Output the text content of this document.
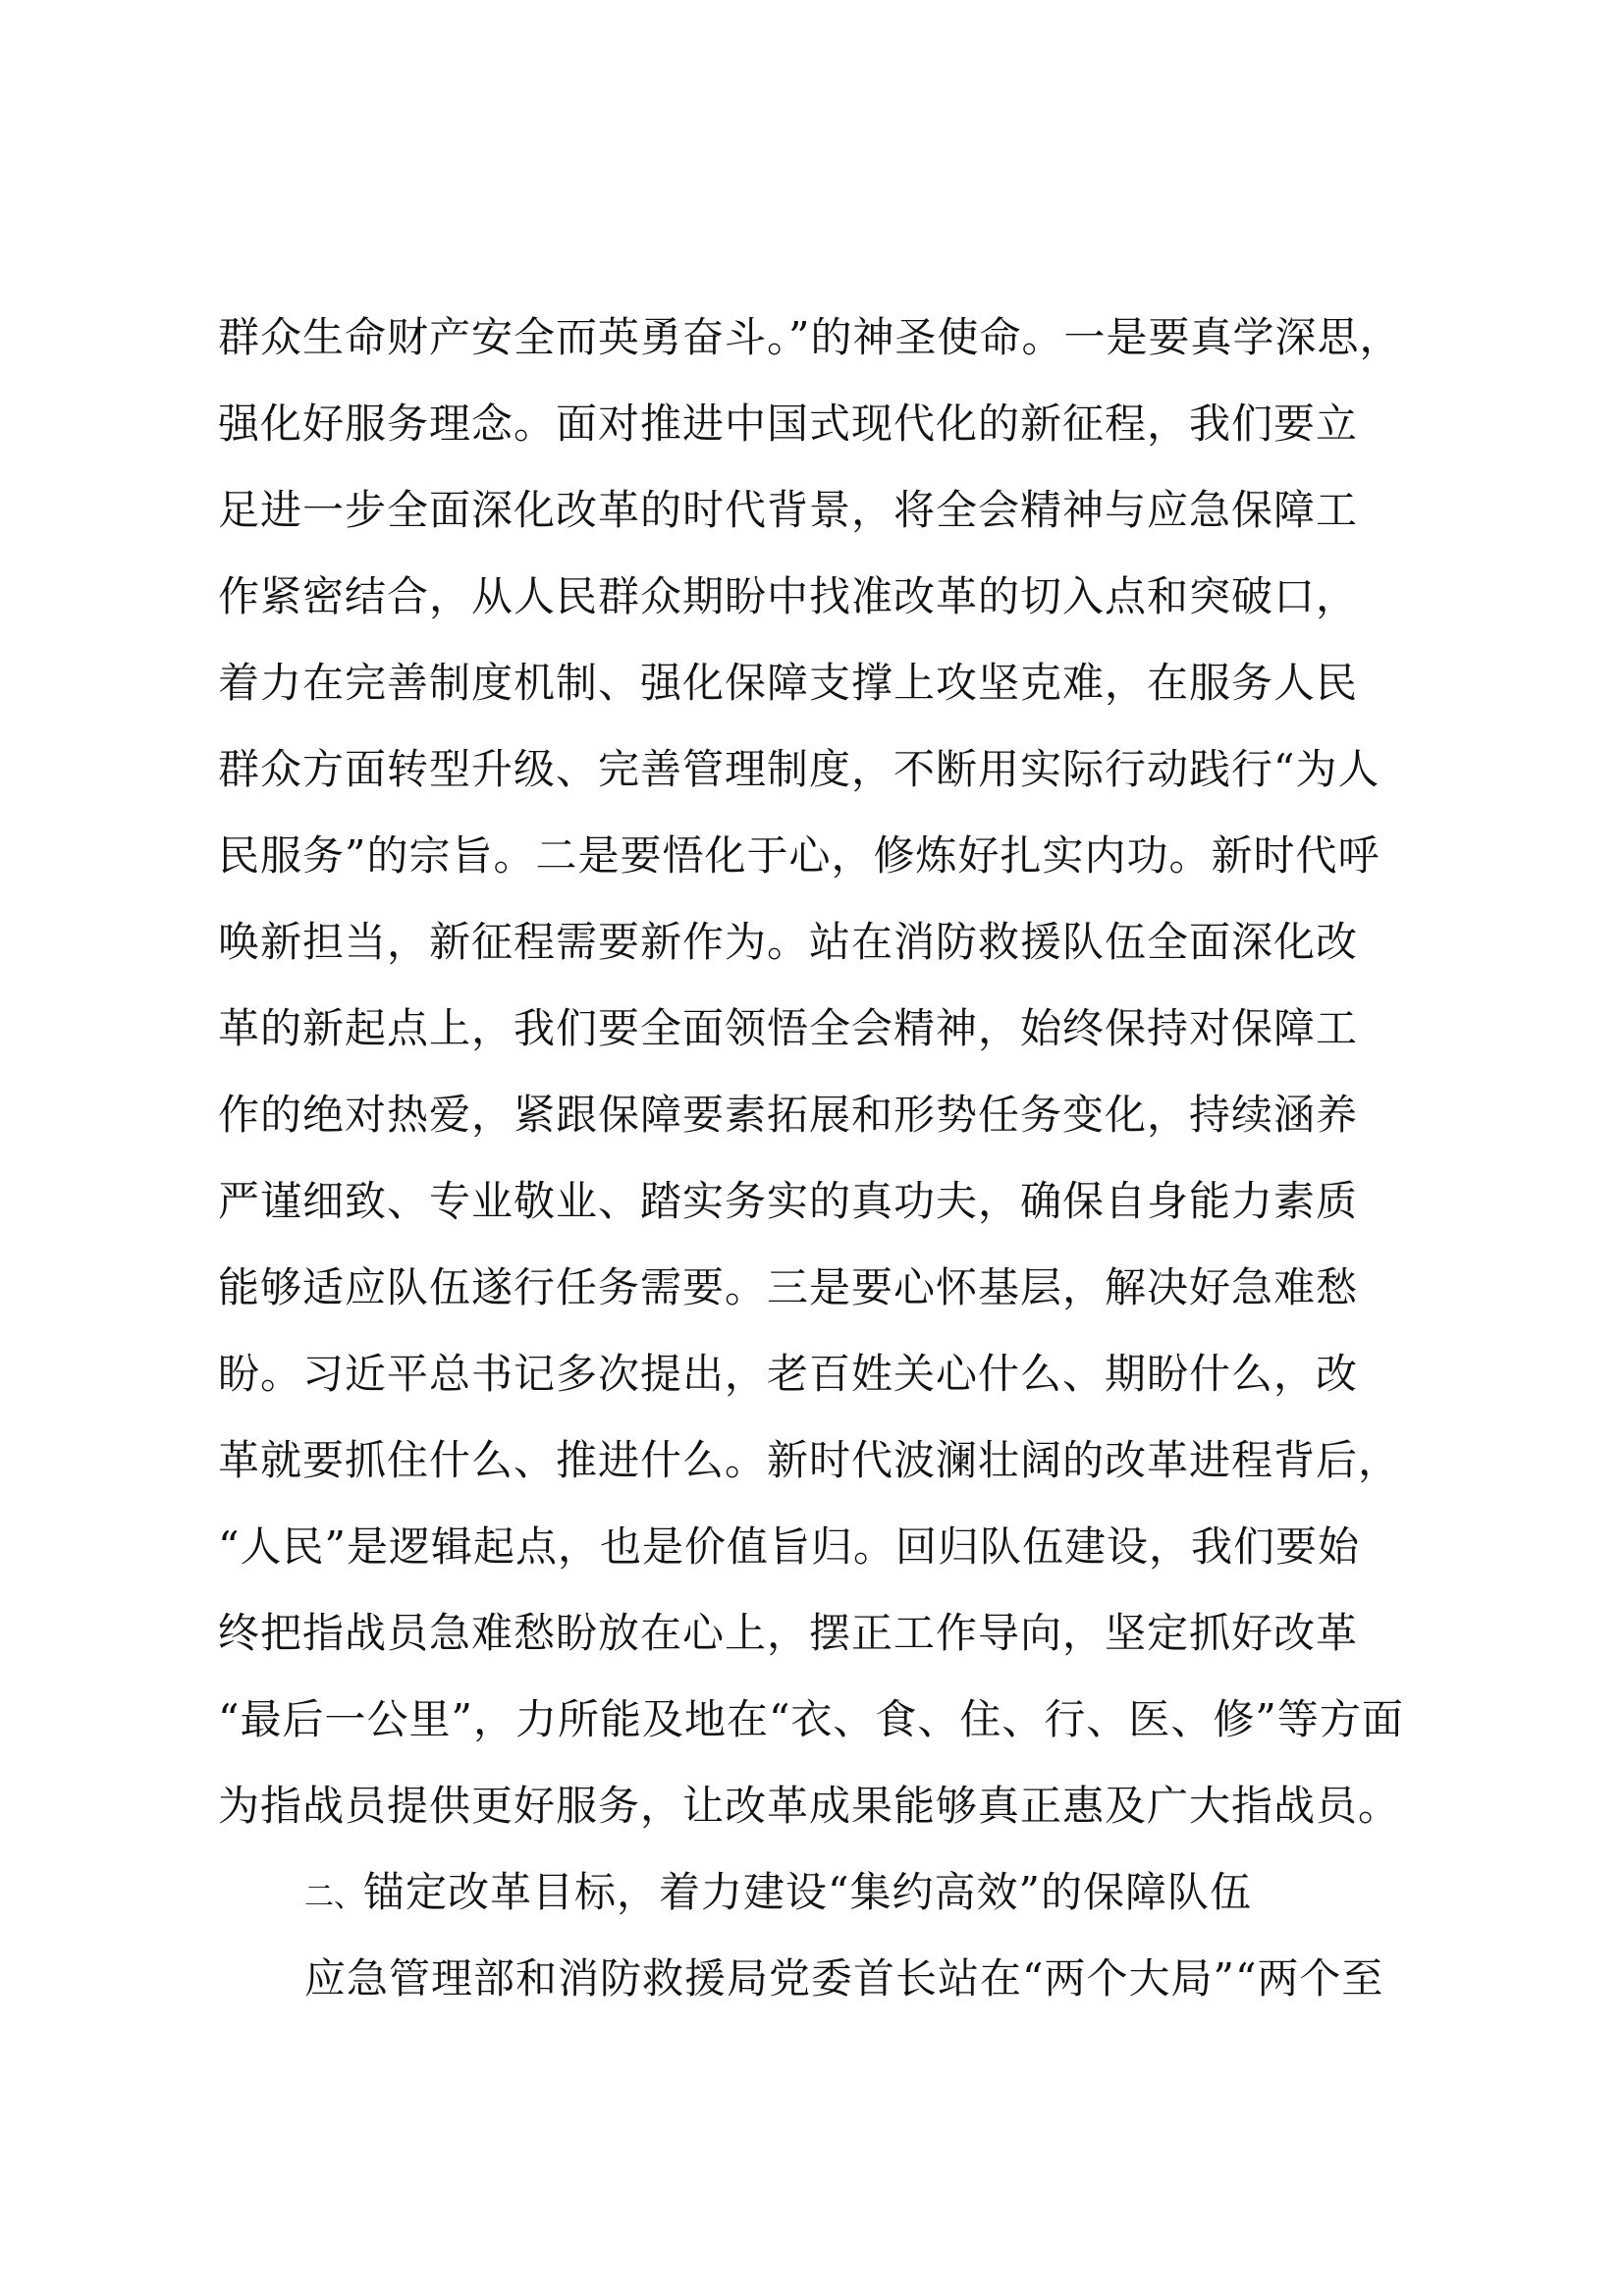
群众生命财产安全而英勇奋斗。”的神圣使命。一是要真学深思，
强化好服务理念。面对推进中国式现代化的新征程，我们要立
足进一步全面深化改革的时代背景，将全会精神与应急保障工
作紧密结合，从人民群众期盼中找准改革的切入点和突破口，
着力在完善制度机制、强化保障支撑上攻坚克难，在服务人民
群众方面转型升级、完善管理制度，不断用实际行动践行“为人
民服务”的宗旨。二是要悟化于心，修炼好扎实内功。新时代呼
唤新担当，新征程需要新作为。站在消防救援队伍全面深化改
革的新起点上，我们要全面领悟全会精神，始终保持对保障工
作的绝对热爱，紧跟保障要素拓展和形势任务变化，持续涵养
严谨细致、专业敬业、踏实务实的真功夫，确保自身能力素质
能够适应队伍遂行任务需要。三是要心怀基层，解决好急难愁
盼。习近平总书记多次提出，老百姓关心什么、期盼什么，改
革就要抓住什么、推进什么。新时代波澜壮阔的改革进程背后，
“人民”是逻辑起点，也是价值旨归。回归队伍建设，我们要始
终把指战员急难愁盼放在心上，摆正工作导向，坚定抓好改革
“最后一公里”，力所能及地在“衣、食、住、行、医、修”等方面
为指战员提供更好服务，让改革成果能够真正惠及广大指战员。
二、锚定改革目标，着力建设“集约高效”的保障队伍
应急管理部和消防救援局党委首长站在“两个大局”“两个至
